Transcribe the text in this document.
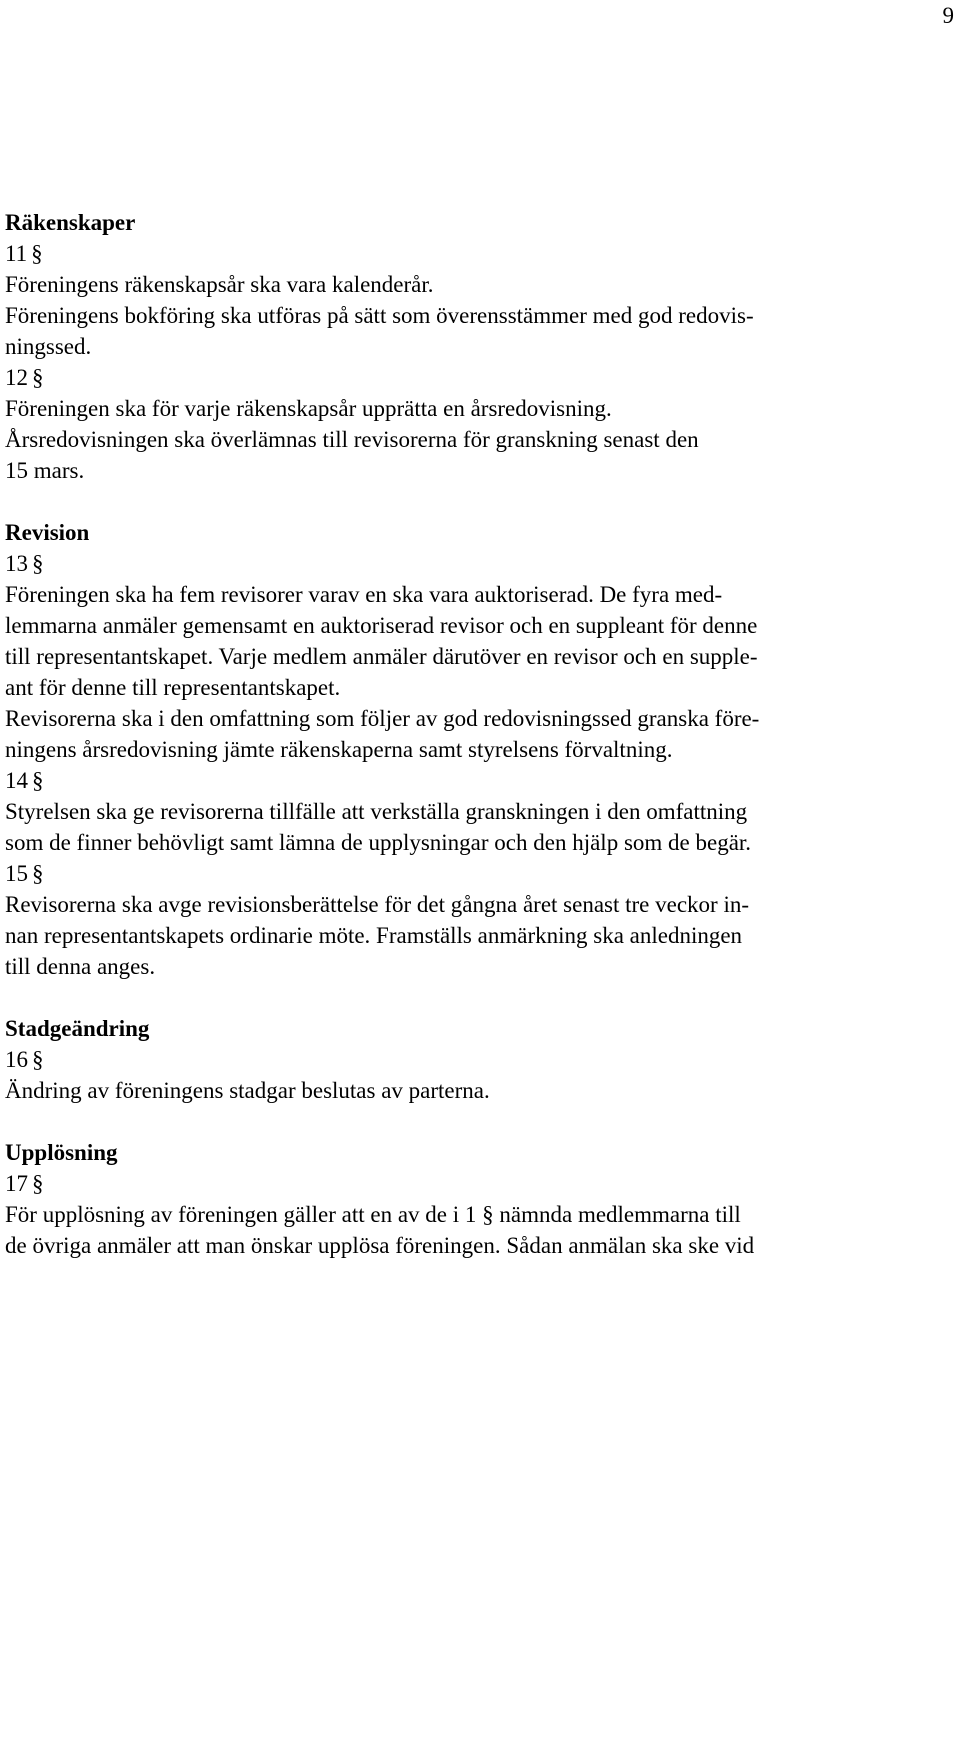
9

Räkenskaper

11 §

Föreningens räkenskapsår ska vara kalenderår.

Föreningens bokföring ska utföras på sätt som överensstämmer med god redovis-

ningssed.

12 §

Föreningen ska för varje räkenskapsår upprätta en årsredovisning.

Årsredovisningen ska överlämnas till revisorerna för granskning senast den

15 mars.

Revision

13 §

Föreningen ska ha fem revisorer varav en ska vara auktoriserad. De fyra med-

lemmarna anmäler gemensamt en auktoriserad revisor och en suppleant för denne

till representantskapet. Varje medlem anmäler därutöver en revisor och en supple-

ant för denne till representantskapet.

Revisorerna ska i den omfattning som följer av god redovisningssed granska före-

ningens årsredovisning jämte räkenskaperna samt styrelsens förvaltning.

14 §

Styrelsen ska ge revisorerna tillfälle att verkställa granskningen i den omfattning

som de finner behövligt samt lämna de upplysningar och den hjälp som de begär.

15 §

Revisorerna ska avge revisionsberättelse för det gångna året senast tre veckor in-

nan representantskapets ordinarie möte. Framställs anmärkning ska anledningen

till denna anges.

Stadgeändring

16 §

Ändring av föreningens stadgar beslutas av parterna.

Upplösning

17 §

För upplösning av föreningen gäller att en av de i 1 § nämnda medlemmarna till

de övriga anmäler att man önskar upplösa föreningen. Sådan anmälan ska ske vid
